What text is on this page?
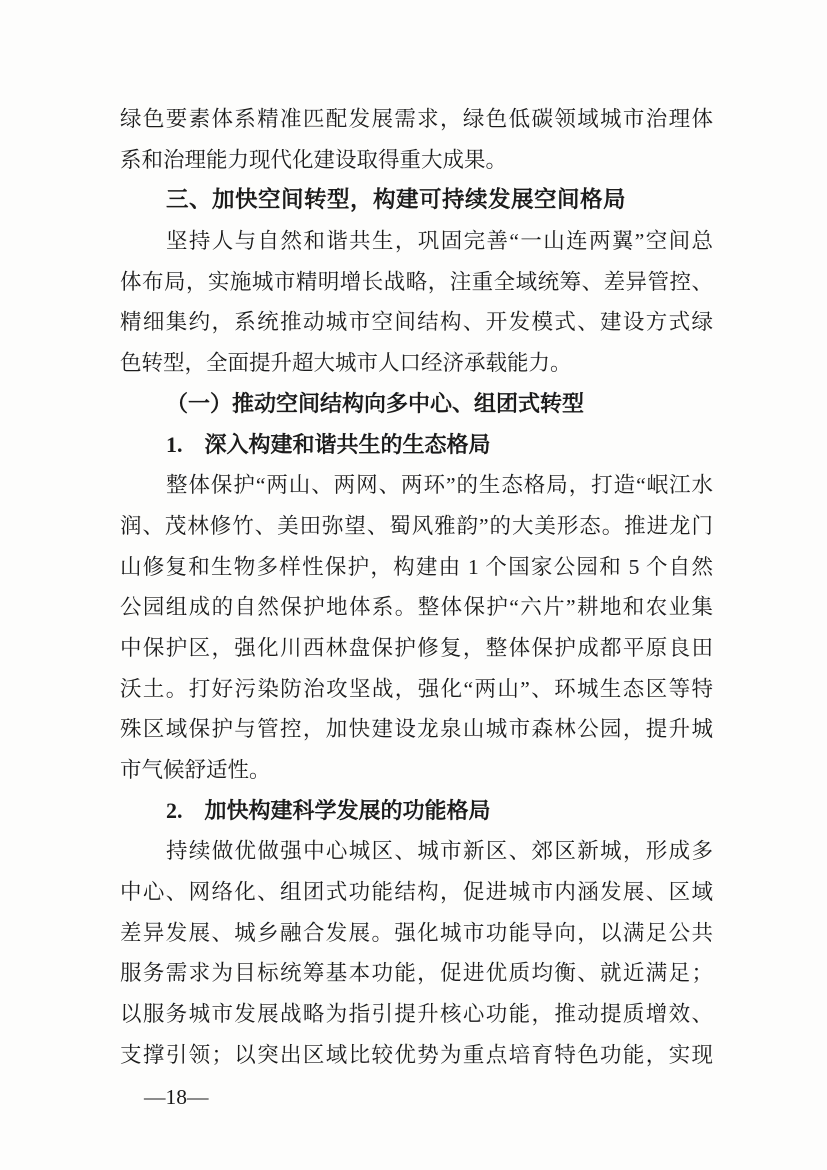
绿色要素体系精准匹配发展需求，绿色低碳领域城市治理体
系和治理能力现代化建设取得重大成果。
三、加快空间转型，构建可持续发展空间格局
坚持人与自然和谐共生，巩固完善“一山连两翼”空间总
体布局，实施城市精明增长战略，注重全域统筹、差异管控、
精细集约，系统推动城市空间结构、开发模式、建设方式绿
色转型，全面提升超大城市人口经济承载能力。
（一）推动空间结构向多中心、组团式转型
1.　深入构建和谐共生的生态格局
整体保护“两山、两网、两环”的生态格局，打造“岷江水
润、茂林修竹、美田弥望、蜀风雅韵”的大美形态。推进龙门
山修复和生物多样性保护，构建由 1 个国家公园和 5 个自然
公园组成的自然保护地体系。整体保护“六片”耕地和农业集
中保护区，强化川西林盘保护修复，整体保护成都平原良田
沃土。打好污染防治攻坚战，强化“两山”、环城生态区等特
殊区域保护与管控，加快建设龙泉山城市森林公园，提升城
市气候舒适性。
2.　加快构建科学发展的功能格局
持续做优做强中心城区、城市新区、郊区新城，形成多
中心、网络化、组团式功能结构，促进城市内涵发展、区域
差异发展、城乡融合发展。强化城市功能导向，以满足公共
服务需求为目标统筹基本功能，促进优质均衡、就近满足；
以服务城市发展战略为指引提升核心功能，推动提质增效、
支撑引领；以突出区域比较优势为重点培育特色功能，实现
—18—
